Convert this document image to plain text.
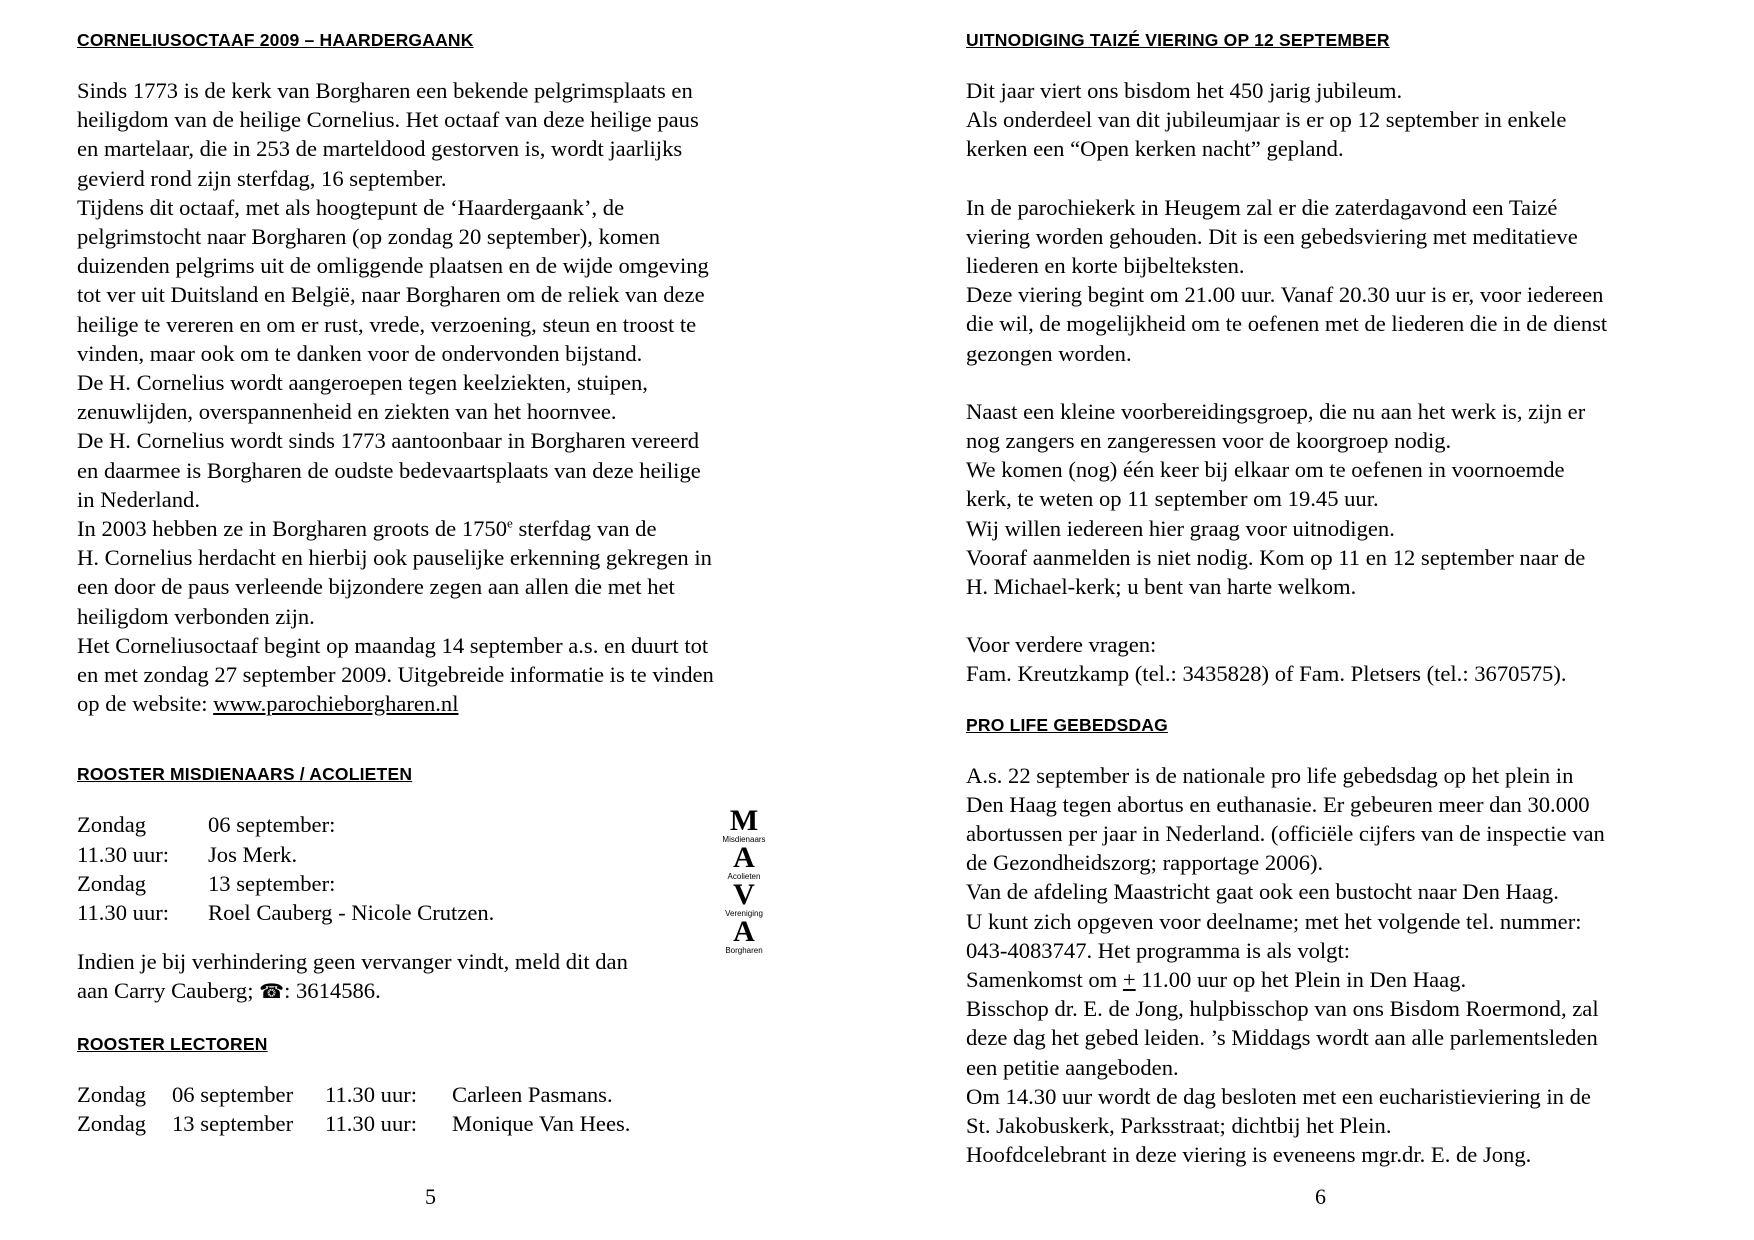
CORNELIUSOCTAAF 2009 – HAARDERGAANK

Sinds 1773 is de kerk van Borgharen een bekende pelgrimsplaats en

heiligdom van de heilige Cornelius. Het octaaf van deze heilige paus

en martelaar, die in 253 de marteldood gestorven is, wordt jaarlijks

gevierd rond zijn sterfdag, 16 september.

Tijdens dit octaaf, met als hoogtepunt de ‘Haardergaank’, de

pelgrimstocht naar Borgharen (op zondag 20 september), komen

duizenden pelgrims uit de omliggende plaatsen en de wijde omgeving

tot ver uit Duitsland en België, naar Borgharen om de reliek van deze

heilige te vereren en om er rust, vrede, verzoening, steun en troost te

vinden, maar ook om te danken voor de ondervonden bijstand.

De H. Cornelius wordt aangeroepen tegen keelziekten, stuipen,

zenuwlijden, overspannenheid en ziekten van het hoornvee.

De H. Cornelius wordt sinds 1773 aantoonbaar in Borgharen vereerd

en daarmee is Borgharen de oudste bedevaartsplaats van deze heilige

in Nederland.

In 2003 hebben ze in Borgharen groots de 1750e sterfdag van de

H. Cornelius herdacht en hierbij ook pauselijke erkenning gekregen in

een door de paus verleende bijzondere zegen aan allen die met het

heiligdom verbonden zijn.

Het Corneliusoctaaf begint op maandag 14 september a.s. en duurt tot

en met zondag 27 september 2009. Uitgebreide informatie is te vinden

op de website: www.parochieborgharen.nl

ROOSTER MISDIENAARS / ACOLIETEN

Zondag	06 september:
11.30 uur:	Jos Merk.
Zondag	13 september:
11.30 uur:	Roel Cauberg - Nicole Crutzen.

Indien je bij verhindering geen vervanger vindt, meld dit dan

aan Carry Cauberg; ☎: 3614586.

ROOSTER LECTOREN

Zondag	06 september	11.30 uur:	Carleen Pasmans.
Zondag	13 september	11.30 uur:	Monique Van Hees.
M
Misdienaars
A
Acolieten
V
Vereniging
A
Borgharen
5

UITNODIGING TAIZÉ VIERING OP 12 SEPTEMBER

Dit jaar viert ons bisdom het 450 jarig jubileum.

Als onderdeel van dit jubileumjaar is er op 12 september in enkele

kerken een “Open kerken nacht” gepland.

In de parochiekerk in Heugem zal er die zaterdagavond een Taizé

viering worden gehouden. Dit is een gebedsviering met meditatieve

liederen en korte bijbelteksten.

Deze viering begint om 21.00 uur. Vanaf 20.30 uur is er, voor iedereen

die wil, de mogelijkheid om te oefenen met de liederen die in de dienst

gezongen worden.

Naast een kleine voorbereidingsgroep, die nu aan het werk is, zijn er

nog zangers en zangeressen voor de koorgroep nodig.

We komen (nog) één keer bij elkaar om te oefenen in voornoemde

kerk, te weten op 11 september om 19.45 uur.

Wij willen iedereen hier graag voor uitnodigen.

Vooraf aanmelden is niet nodig. Kom op 11 en 12 september naar de

H. Michael-kerk; u bent van harte welkom.

Voor verdere vragen:

Fam. Kreutzkamp (tel.: 3435828) of Fam. Pletsers (tel.: 3670575).

PRO LIFE GEBEDSDAG

A.s. 22 september is de nationale pro life gebedsdag op het plein in

Den Haag tegen abortus en euthanasie. Er gebeuren meer dan 30.000

abortussen per jaar in Nederland. (officiële cijfers van de inspectie van

de Gezondheidszorg; rapportage 2006).

Van de afdeling Maastricht gaat ook een bustocht naar Den Haag.

U kunt zich opgeven voor deelname; met het volgende tel. nummer:

043-4083747. Het programma is als volgt:

Samenkomst om + 11.00 uur op het Plein in Den Haag.

Bisschop dr. E. de Jong, hulpbisschop van ons Bisdom Roermond, zal

deze dag het gebed leiden. ’s Middags wordt aan alle parlementsleden

een petitie aangeboden.

Om 14.30 uur wordt de dag besloten met een eucharistieviering in de

St. Jakobuskerk, Parksstraat; dichtbij het Plein.

Hoofdcelebrant in deze viering is eveneens mgr.dr. E. de Jong.

6
